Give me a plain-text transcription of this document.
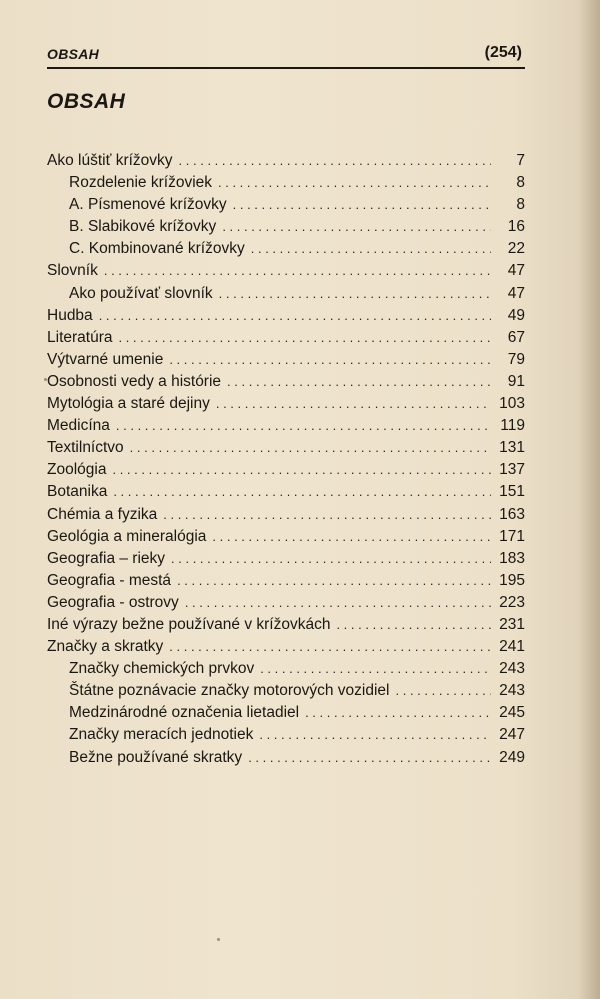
OBSAH	(254)
OBSAH
Ako lúštiť krížovky . . .	7
Rozdelenie krížoviek . . .	8
A. Písmenové krížovky . . .	8
B. Slabikové krížovky . . .	16
C. Kombinované krížovky . . .	22
Slovník . . .	47
Ako používať slovník . . .	47
Hudba . . .	49
Literatúra . . .	67
Výtvarné umenie . . .	79
Osobnosti vedy a histórie . . .	91
Mytológia a staré dejiny . . .	103
Medicína . . .	119
Textilníctvo . . .	131
Zoológia . . .	137
Botanika . . .	151
Chémia a fyzika . . .	163
Geológia a mineralógia . . .	171
Geografia – rieky . . .	183
Geografia - mestá . . .	195
Geografia - ostrovy . . .	223
Iné výrazy bežne používané v krížovkách . . .	231
Značky a skratky . . .	241
Značky chemických prvkov . . .	243
Štátne poznávacie značky motorových vozidiel . . .	243
Medzinárodné označenia lietadiel . . .	245
Značky meracích jednotiek . . .	247
Bežne používané skratky . . .	249
